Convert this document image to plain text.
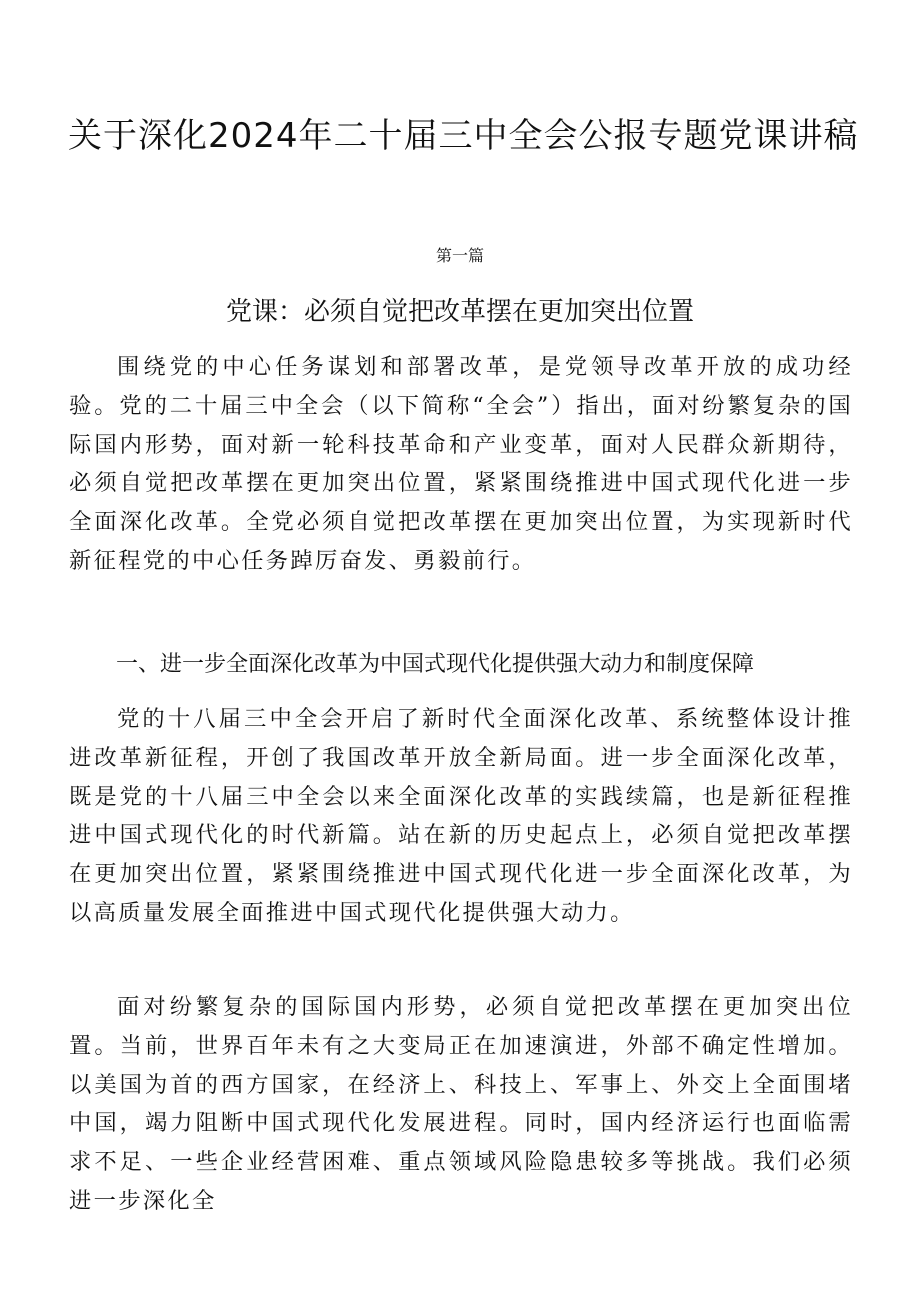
关于深化2024年二十届三中全会公报专题党课讲稿
第一篇
党课：必须自觉把改革摆在更加突出位置

围绕党的中心任务谋划和部署改革，是党领导改革开放的成功经验。党的二十届三中全会（以下简称“全会”）指出，面对纷繁复杂的国际国内形势，面对新一轮科技革命和产业变革，面对人民群众新期待，必须自觉把改革摆在更加突出位置，紧紧围绕推进中国式现代化进一步全面深化改革。全党必须自觉把改革摆在更加突出位置，为实现新时代新征程党的中心任务踔厉奋发、勇毅前行。

一、进一步全面深化改革为中国式现代化提供强大动力和制度保障

党的十八届三中全会开启了新时代全面深化改革、系统整体设计推进改革新征程，开创了我国改革开放全新局面。进一步全面深化改革，既是党的十八届三中全会以来全面深化改革的实践续篇，也是新征程推进中国式现代化的时代新篇。站在新的历史起点上，必须自觉把改革摆在更加突出位置，紧紧围绕推进中国式现代化进一步全面深化改革，为以高质量发展全面推进中国式现代化提供强大动力。

面对纷繁复杂的国际国内形势，必须自觉把改革摆在更加突出位置。当前，世界百年未有之大变局正在加速演进，外部不确定性增加。以美国为首的西方国家，在经济上、科技上、军事上、外交上全面围堵中国，竭力阻断中国式现代化发展进程。同时，国内经济运行也面临需求不足、一些企业经营困难、重点领域风险隐患较多等挑战。我们必须进一步深化全
